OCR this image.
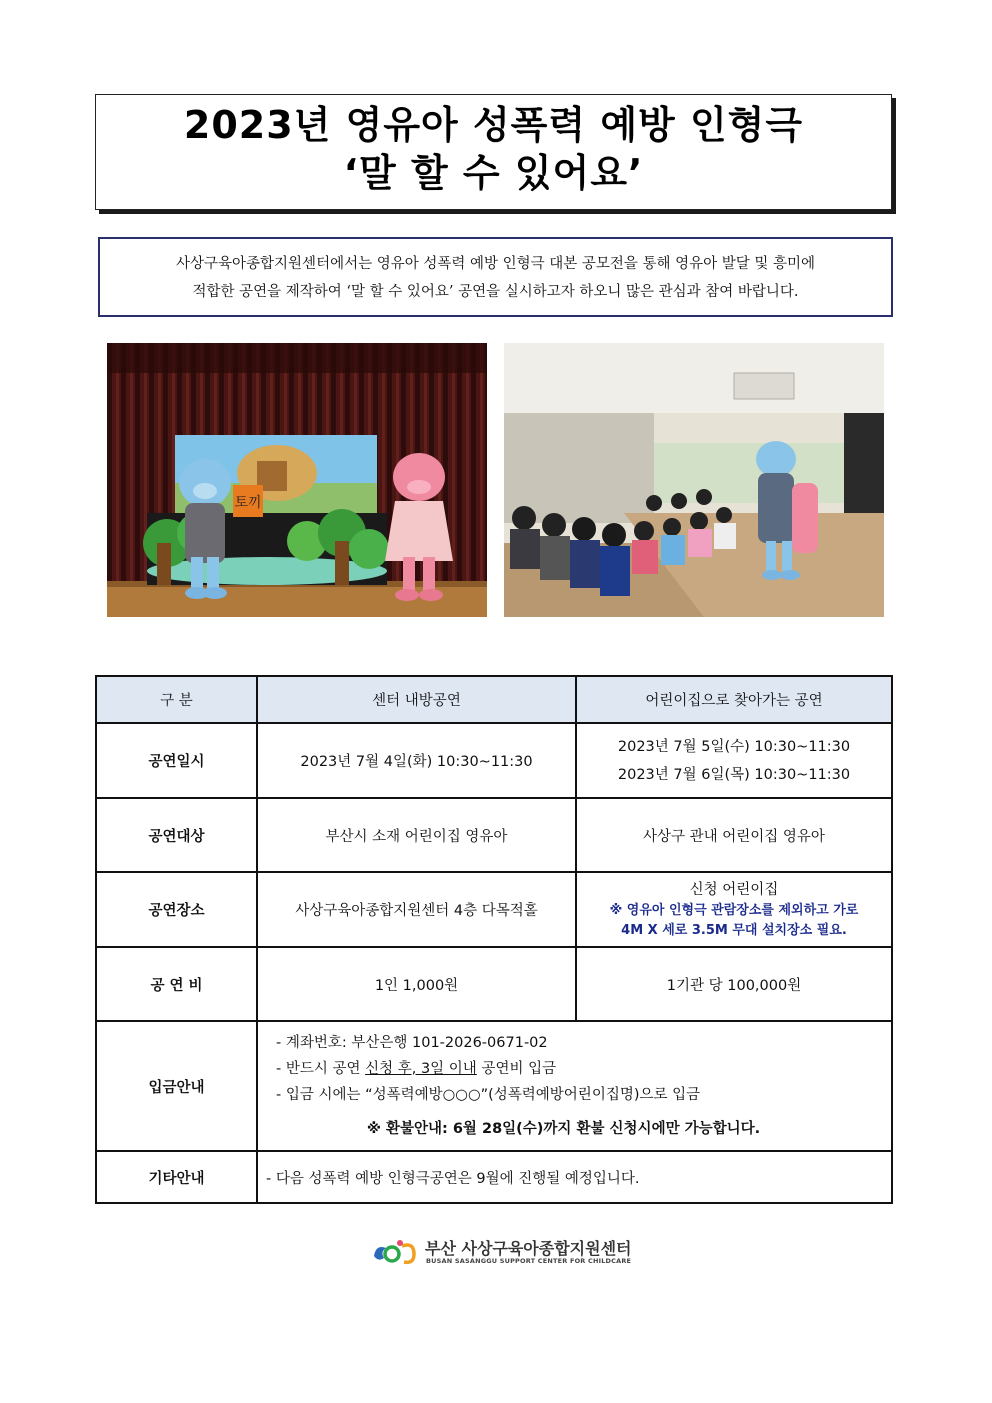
2023년 영유아 성폭력 예방 인형극
‘말 할 수 있어요’
사상구육아종합지원센터에서는 영유아 성폭력 예방 인형극 대본 공모전을 통해 영유아 발달 및 흥미에
적합한 공연을 제작하여 ‘말 할 수 있어요’ 공연을 실시하고자 하오니 많은 관심과 참여 바랍니다.
토끼
구 분	센터 내방공연	어린이집으로 찾아가는 공연
공연일시	2023년 7월 4일(화) 10:30~11:30	2023년 7월 5일(수) 10:30~11:30
2023년 7월 6일(목) 10:30~11:30

공연대상	부산시 소재 어린이집 영유아	사상구 관내 어린이집 영유아
공연장소	사상구육아종합지원센터 4층 다목적홀	신청 어린이집
※ 영유아 인형극 관람장소를 제외하고 가로
4M X 세로 3.5M 무대 설치장소 필요.

공 연 비	1인 1,000원	1기관 당 100,000원
입금안내	- 계좌번호: 부산은행 101-2026-0671-02
- 반드시 공연 신청 후, 3일 이내 공연비 입금
- 입금 시에는 “성폭력예방○○○”(성폭력예방어린이집명)으로 입금
※ 환불안내: 6월 28일(수)까지 환불 신청시에만 가능합니다.	

기타안내	- 다음 성폭력 예방 인형극공연은 9월에 진행될 예정입니다.	
부산 사상구육아종합지원센터
BUSAN SASANGGU SUPPORT CENTER FOR CHILDCARE
